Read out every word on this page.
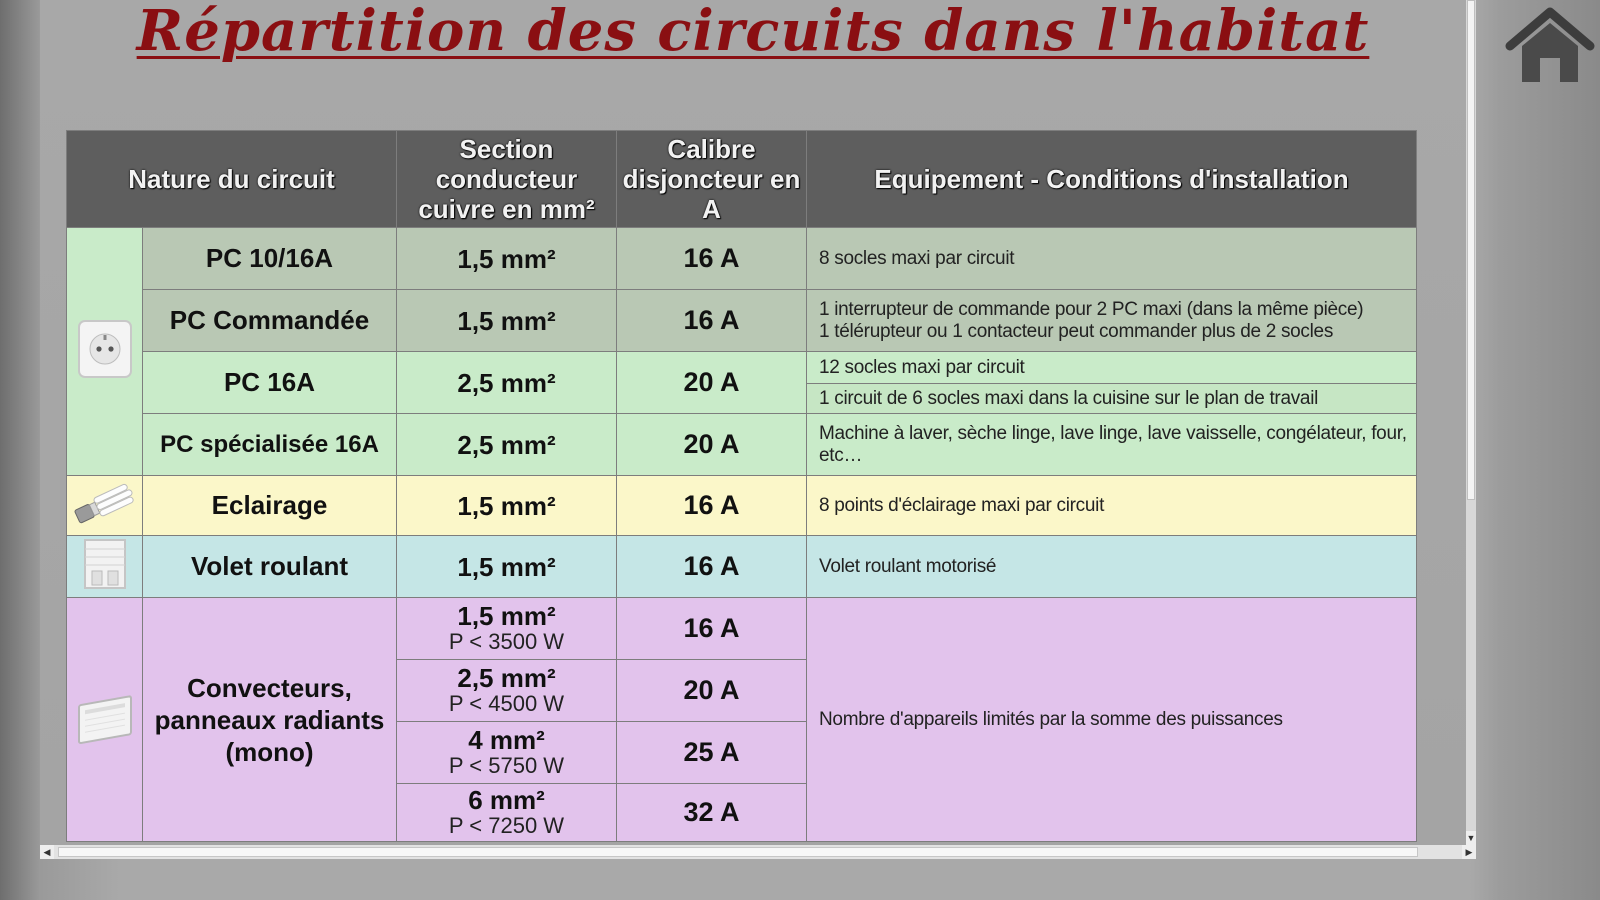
Répartition des circuits dans l'habitat
Nature du circuit		Section conducteur cuivre en mm²	Calibre disjoncteur en A	Equipement - Conditions d'installation
	PC 10/16A	1,5 mm²	16 A	8 socles maxi par circuit
	PC Commandée	1,5 mm²	16 A	1 interrupteur de commande pour 2 PC maxi (dans la même pièce)
1 télérupteur ou 1 contacteur peut commander plus de 2 socles

	PC 16A	2,5 mm²	20 A	12 socles maxi par circuit
				1 circuit de 6 socles maxi dans la cuisine sur le plan de travail
	PC spécialisée 16A	2,5 mm²	20 A	Machine à laver, sèche linge, lave linge, lave vaisselle, congélateur, four, etc…
	Eclairage	1,5 mm²	16 A	8 points d'éclairage maxi par circuit
	Volet roulant	1,5 mm²	16 A	Volet roulant motorisé
	Convecteurs, panneaux radiants (mono)	1,5 mm²
P < 3500 W	16 A	Nombre d'appareils limités par la somme des puissances
		2,5 mm²
P < 4500 W	20 A	
		4 mm²
P < 5750 W	25 A	
		6 mm²
P < 7250 W	32 A	
▼
◀	▶
